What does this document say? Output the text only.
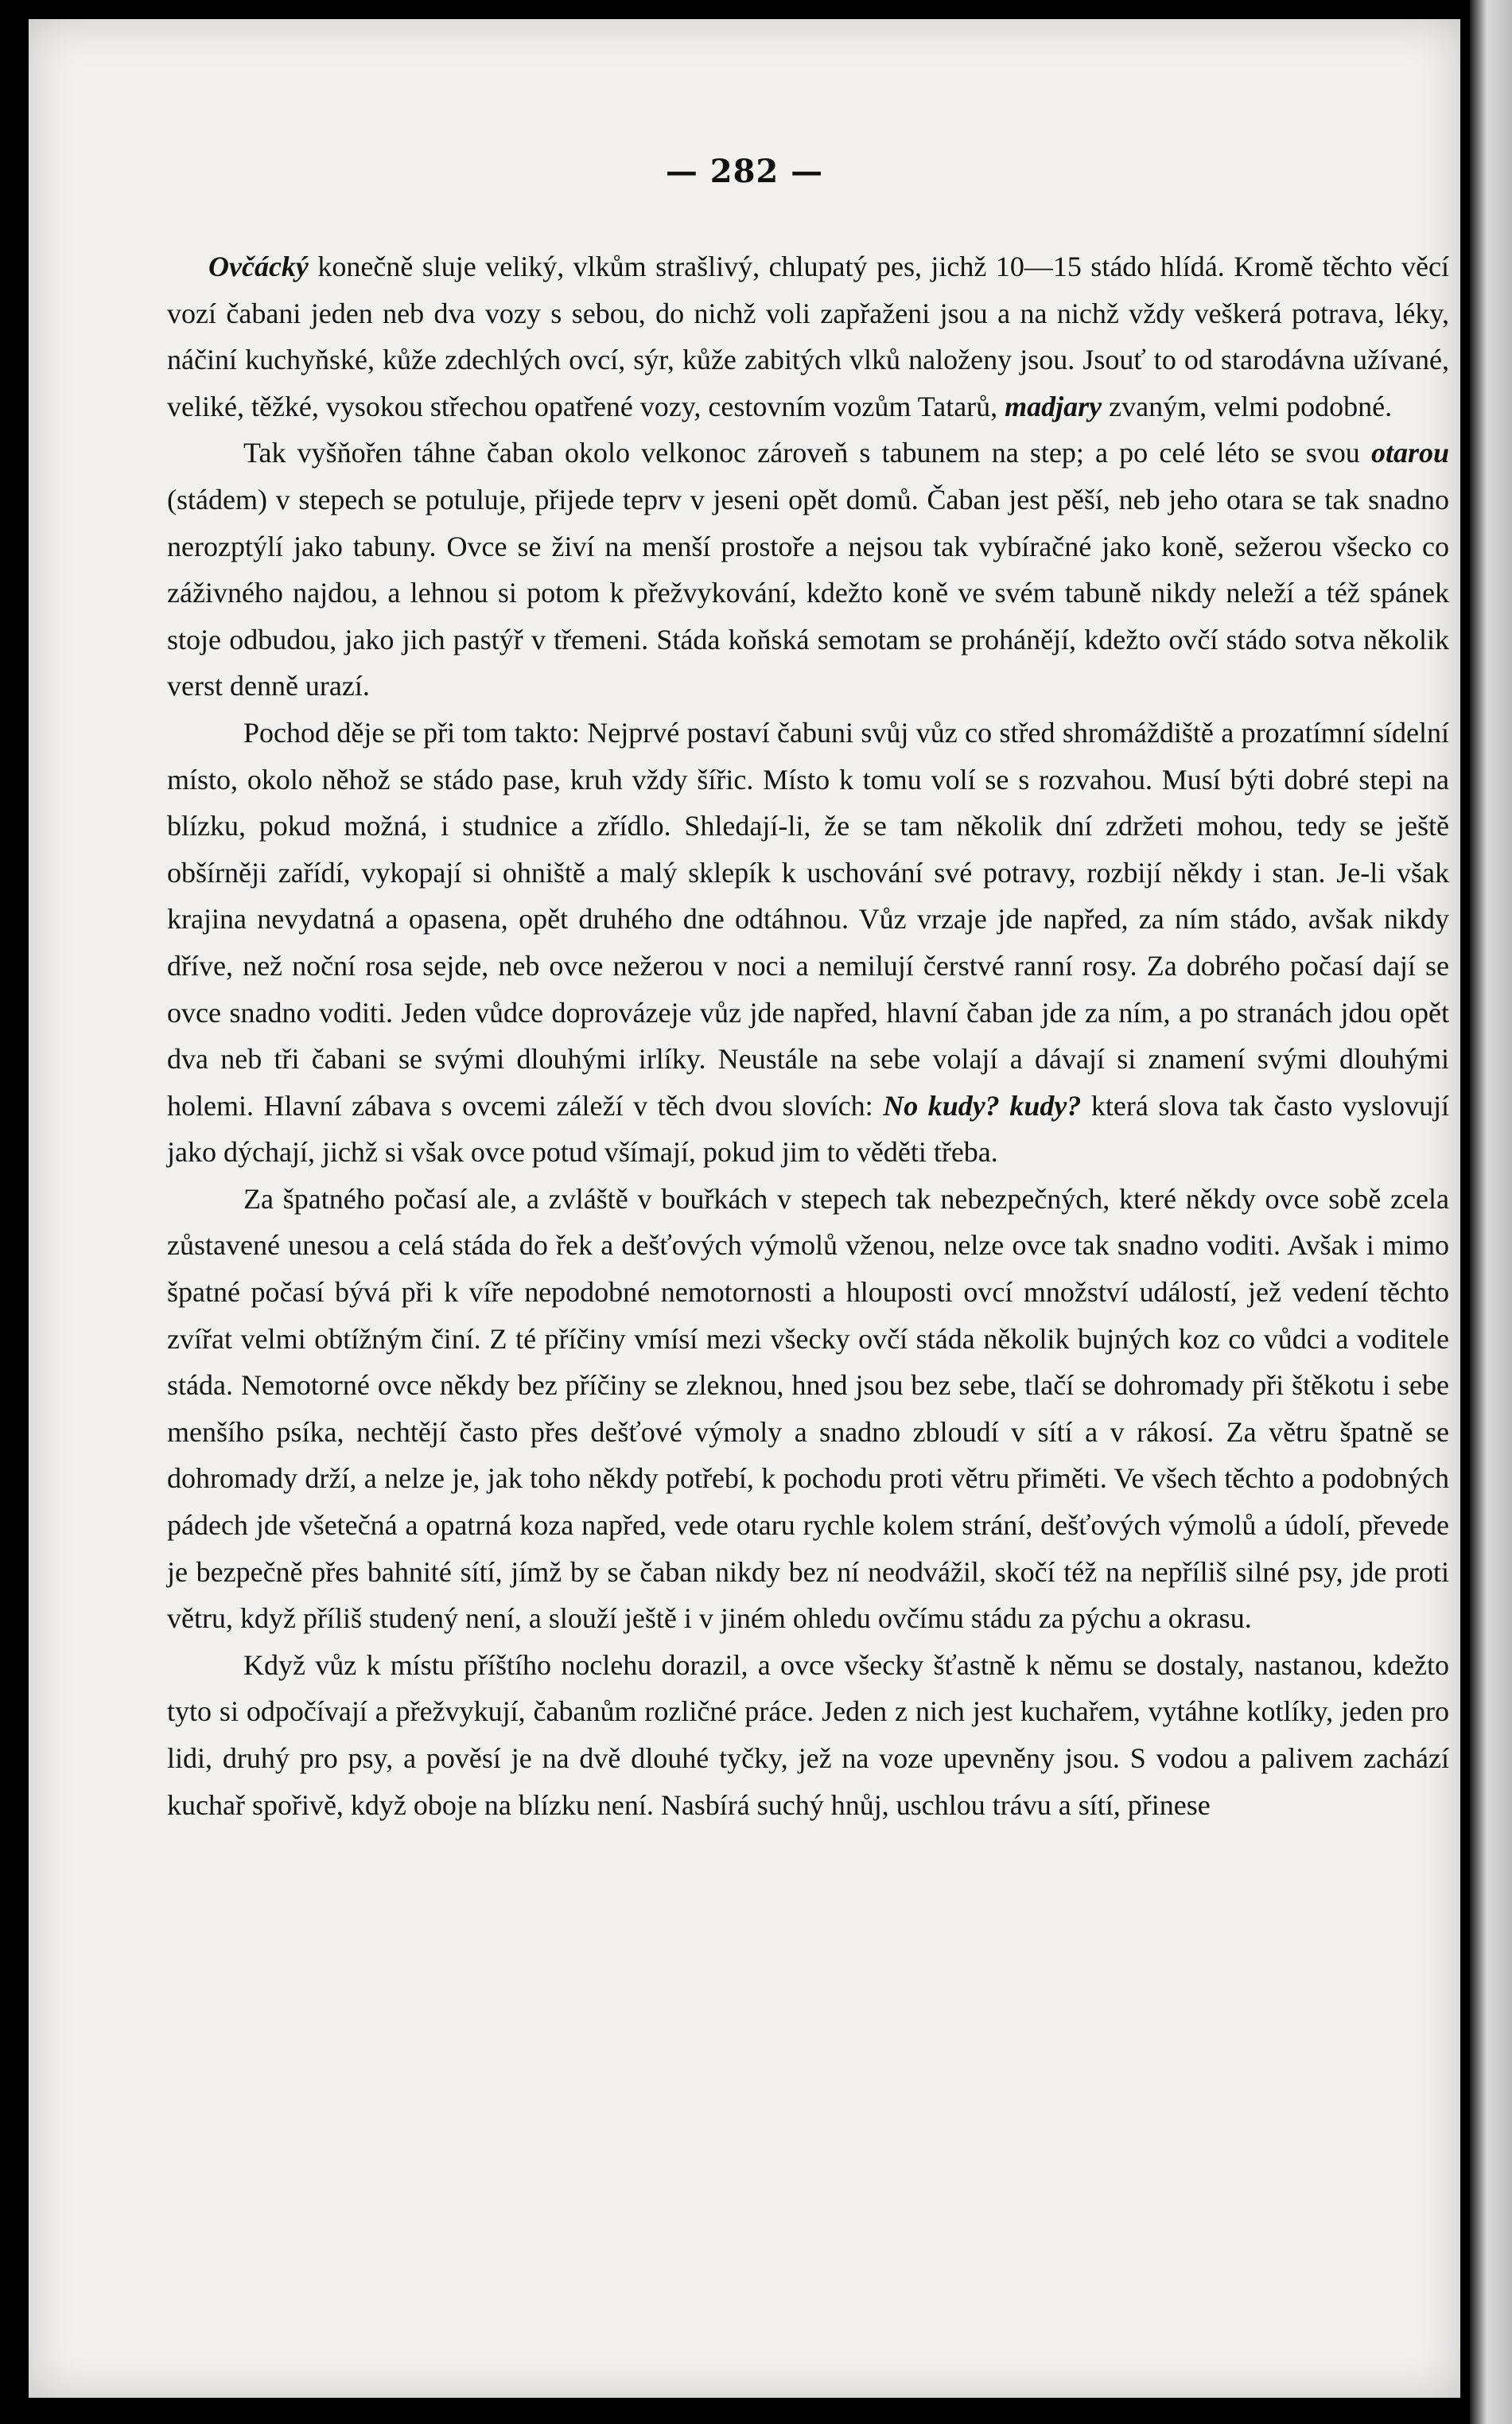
— 282 —

Ovčácký konečně sluje veliký, vlkům strašlivý, chlupatý pes, jichž 10—15 stádo hlídá. Kromě těchto věcí vozí čabani jeden neb dva vozy s sebou, do nichž voli zapřaženi jsou a na nichž vždy veškerá potrava, léky, náčiní kuchyňské, kůže zdechlých ovcí, sýr, kůže zabitých vlků naloženy jsou. Jsouť to od starodávna užívané, veliké, těžké, vysokou střechou opatřené vozy, cestovním vozům Tatarů, madjary zvaným, velmi podobné.

Tak vyšňořen táhne čaban okolo velkonoc zároveň s tabunem na step; a po celé léto se svou otarou (stádem) v stepech se potuluje, přijede teprv v jeseni opět domů. Čaban jest pěší, neb jeho otara se tak snadno nerozptýlí jako tabuny. Ovce se živí na menší prostoře a nejsou tak vybíračné jako koně, sežerou všecko co záživného najdou, a lehnou si potom k přežvykování, kdežto koně ve svém tabuně nikdy neleží a též spánek stoje odbudou, jako jich pastýř v třemeni. Stáda koňská semotam se prohánějí, kdežto ovčí stádo sotva několik verst denně urazí.

Pochod děje se při tom takto: Nejprvé postaví čabuni svůj vůz co střed shromáždiště a prozatímní sídelní místo, okolo něhož se stádo pase, kruh vždy šířic. Místo k tomu volí se s rozvahou. Musí býti dobré stepi na blízku, pokud možná, i studnice a zřídlo. Shledají-li, že se tam několik dní zdržeti mohou, tedy se ještě obšírněji zařídí, vykopají si ohniště a malý sklepík k uschování své potravy, rozbijí někdy i stan. Je-li však krajina nevydatná a opasena, opět druhého dne odtáhnou. Vůz vrzaje jde napřed, za ním stádo, avšak nikdy dříve, než noční rosa sejde, neb ovce nežerou v noci a nemilují čerstvé ranní rosy. Za dobrého počasí dají se ovce snadno voditi. Jeden vůdce doprovázeje vůz jde napřed, hlavní čaban jde za ním, a po stranách jdou opět dva neb tři čabani se svými dlouhými irlíky. Neustále na sebe volají a dávají si znamení svými dlouhými holemi. Hlavní zábava s ovcemi záleží v těch dvou slovích: No kudy? kudy? která slova tak často vyslovují jako dýchají, jichž si však ovce potud všímají, pokud jim to věděti třeba.

Za špatného počasí ale, a zvláště v bouřkách v stepech tak nebezpečných, které někdy ovce sobě zcela zůstavené unesou a celá stáda do řek a dešťových výmolů vženou, nelze ovce tak snadno voditi. Avšak i mimo špatné počasí bývá při k víře nepodobné nemotornosti a hlouposti ovcí množství událostí, jež vedení těchto zvířat velmi obtížným činí. Z té příčiny vmísí mezi všecky ovčí stáda několik bujných koz co vůdci a voditele stáda. Nemotorné ovce někdy bez příčiny se zleknou, hned jsou bez sebe, tlačí se dohromady při štěkotu i sebe menšího psíka, nechtějí často přes dešťové výmoly a snadno zbloudí v sítí a v rákosí. Za větru špatně se dohromady drží, a nelze je, jak toho někdy potřebí, k pochodu proti větru přiměti. Ve všech těchto a podobných pádech jde všetečná a opatrná koza napřed, vede otaru rychle kolem strání, dešťových výmolů a údolí, převede je bezpečně přes bahnité sítí, jímž by se čaban nikdy bez ní neodvážil, skočí též na nepříliš silné psy, jde proti větru, když příliš studený není, a slouží ještě i v jiném ohledu ovčímu stádu za pýchu a okrasu.

Když vůz k místu příštího noclehu dorazil, a ovce všecky šťastně k němu se dostaly, nastanou, kdežto tyto si odpočívají a přežvykují, čabanům rozličné práce. Jeden z nich jest kuchařem, vytáhne kotlíky, jeden pro lidi, druhý pro psy, a pověsí je na dvě dlouhé tyčky, jež na voze upevněny jsou. S vodou a palivem zachází kuchař spořivě, když oboje na blízku není. Nasbírá suchý hnůj, uschlou trávu a sítí, přinese
